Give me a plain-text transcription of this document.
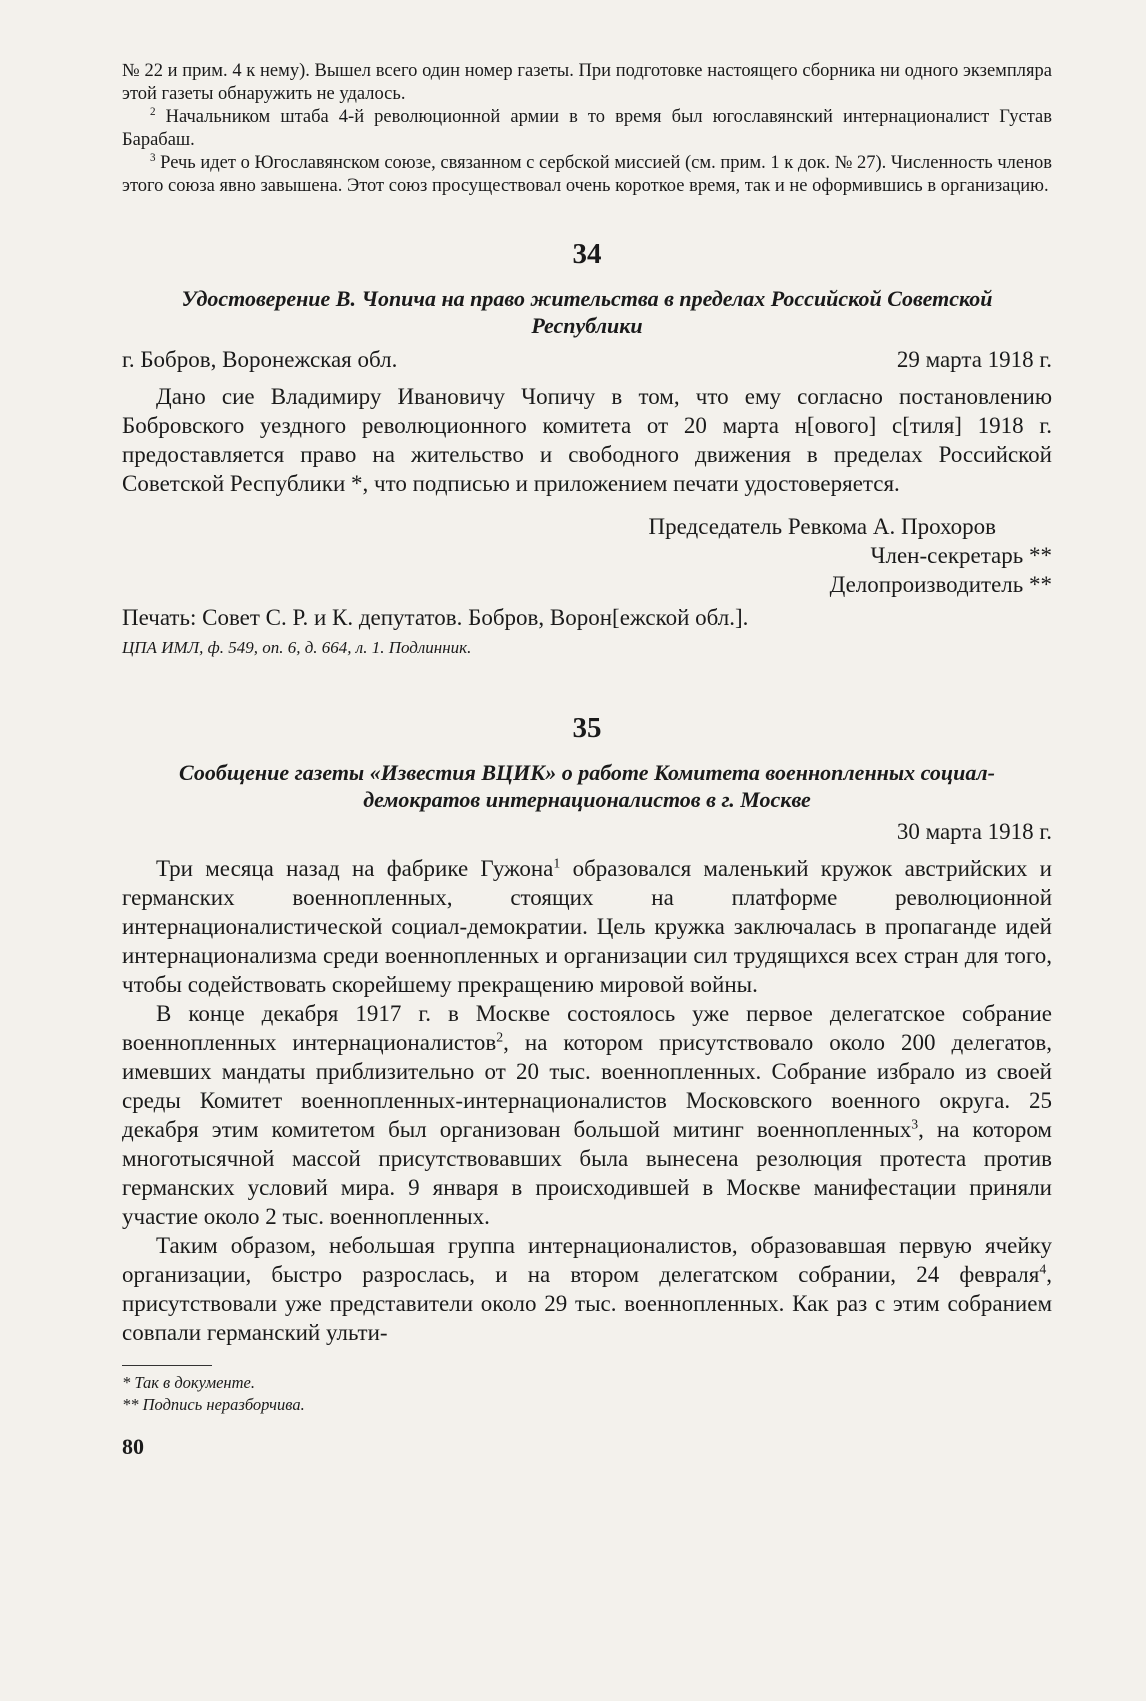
№ 22 и прим. 4 к нему). Вышел всего один номер газеты. При подготовке настоящего сборника ни одного экземпляра этой газеты обнаружить не удалось.

$^2$ Начальником штаба 4-й революционной армии в то время был югославянский интернационалист Густав Барабаш.

$^3$ Речь идет о Югославянском союзе, связанном с сербской миссией (см. прим. 1 к док. № 27). Численность членов этого союза явно завышена. Этот союз просуществовал очень короткое время, так и не оформившись в организацию.

34
Удостоверение В. Чопича на право жительства в пределах Российской Советской Республики
г. Бобров, Воронежская обл.	29 марта 1918 г.

Дано сие Владимиру Ивановичу Чопичу в том, что ему согласно постановлению Бобровского уездного революционного комитета от 20 марта н[ового] с[тиля] 1918 г. предоставляется право на жительство и свободного движения в пределах Российской Советской Республики *, что подписью и приложением печати удостоверяется.

Председатель Ревкома А. Прохоров

Член-секретарь **

Делопроизводитель **

Печать: Совет С. Р. и К. депутатов. Бобров, Ворон[ежской обл.].
ЦПА ИМЛ, ф. 549, оп. 6, д. 664, л. 1. Подлинник.
35
Сообщение газеты «Известия ВЦИК» о работе Комитета военнопленных социал-демократов интернационалистов в г. Москве
30 марта 1918 г.

Три месяца назад на фабрике Гужона$^1$ образовался маленький кружок австрийских и германских военнопленных, стоящих на платформе революционной интернационалистической социал-демократии. Цель кружка заключалась в пропаганде идей интернационализма среди военнопленных и организации сил трудящихся всех стран для того, чтобы содействовать скорейшему прекращению мировой войны.

В конце декабря 1917 г. в Москве состоялось уже первое делегатское собрание военнопленных интернационалистов$^2$, на котором присутствовало около 200 делегатов, имевших мандаты приблизительно от 20 тыс. военнопленных. Собрание избрало из своей среды Комитет военнопленных-интернационалистов Московского военного округа. 25 декабря этим комитетом был организован большой митинг военнопленных$^3$, на котором многотысячной массой присутствовавших была вынесена резолюция протеста против германских условий мира. 9 января в происходившей в Москве манифестации приняли участие около 2 тыс. военнопленных.

Таким образом, небольшая группа интернационалистов, образовавшая первую ячейку организации, быстро разрослась, и на втором делегатском собрании, 24 февраля$^4$, присутствовали уже представители около 29 тыс. военнопленных. Как раз с этим собранием совпали германский ульти-

* Так в документе.

** Подпись неразборчива.

80
